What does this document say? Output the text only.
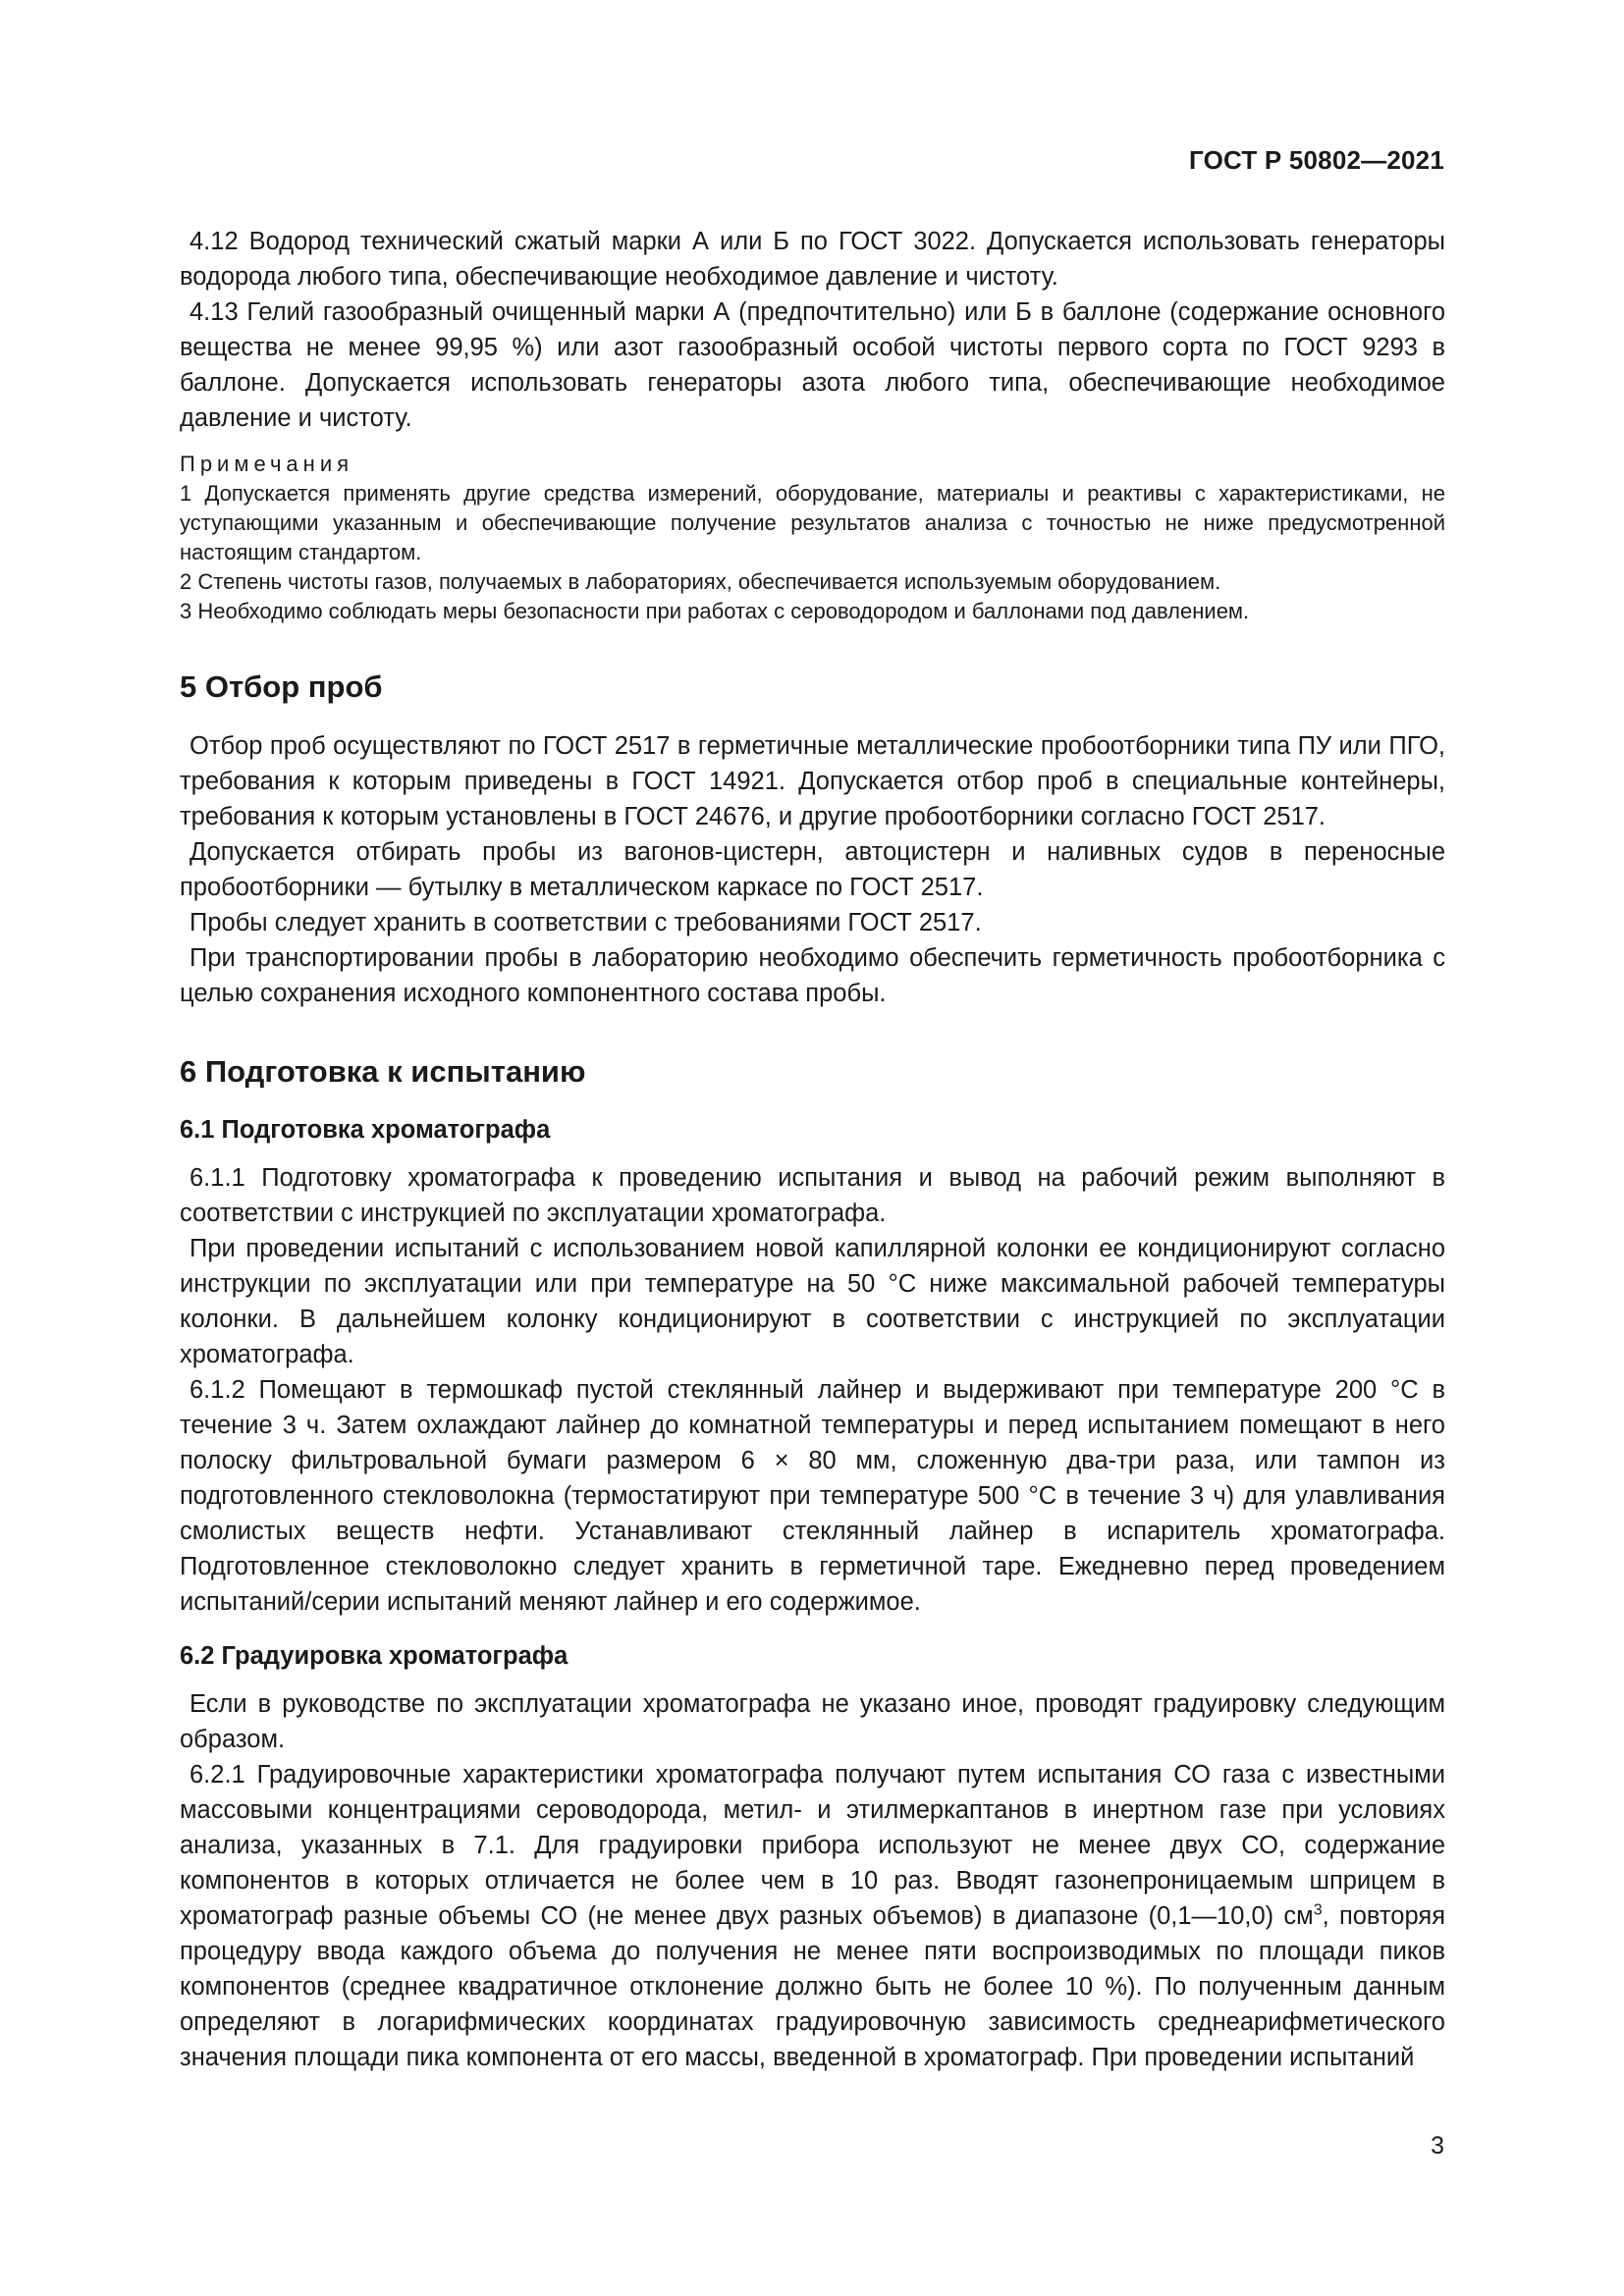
ГОСТ Р 50802—2021

4.12 Водород технический сжатый марки А или Б по ГОСТ 3022. Допускается использовать генераторы водорода любого типа, обеспечивающие необходимое давление и чистоту.

4.13 Гелий газообразный очищенный марки А (предпочтительно) или Б в баллоне (содержание основного вещества не менее 99,95 %) или азот газообразный особой чистоты первого сорта по ГОСТ 9293 в баллоне. Допускается использовать генераторы азота любого типа, обеспечивающие необходимое давление и чистоту.

Примечания
1 Допускается применять другие средства измерений, оборудование, материалы и реактивы с характеристиками, не уступающими указанным и обеспечивающие получение результатов анализа с точностью не ниже предусмотренной настоящим стандартом.
2 Степень чистоты газов, получаемых в лабораториях, обеспечивается используемым оборудованием.
3 Необходимо соблюдать меры безопасности при работах с сероводородом и баллонами под давлением.
5 Отбор проб

Отбор проб осуществляют по ГОСТ 2517 в герметичные металлические пробоотборники типа ПУ или ПГО, требования к которым приведены в ГОСТ 14921. Допускается отбор проб в специальные контейнеры, требования к которым установлены в ГОСТ 24676, и другие пробоотборники согласно ГОСТ 2517.

Допускается отбирать пробы из вагонов-цистерн, автоцистерн и наливных судов в переносные пробоотборники — бутылку в металлическом каркасе по ГОСТ 2517.

Пробы следует хранить в соответствии с требованиями ГОСТ 2517.

При транспортировании пробы в лабораторию необходимо обеспечить герметичность пробоотборника с целью сохранения исходного компонентного состава пробы.

6 Подготовка к испытанию
6.1 Подготовка хроматографа

6.1.1 Подготовку хроматографа к проведению испытания и вывод на рабочий режим выполняют в соответствии с инструкцией по эксплуатации хроматографа.

При проведении испытаний с использованием новой капиллярной колонки ее кондиционируют согласно инструкции по эксплуатации или при температуре на 50 °С ниже максимальной рабочей температуры колонки. В дальнейшем колонку кондиционируют в соответствии с инструкцией по эксплуатации хроматографа.

6.1.2 Помещают в термошкаф пустой стеклянный лайнер и выдерживают при температуре 200 °С в течение 3 ч. Затем охлаждают лайнер до комнатной температуры и перед испытанием помещают в него полоску фильтровальной бумаги размером 6 × 80 мм, сложенную два-три раза, или тампон из подготовленного стекловолокна (термостатируют при температуре 500 °С в течение 3 ч) для улавливания смолистых веществ нефти. Устанавливают стеклянный лайнер в испаритель хроматографа. Подготовленное стекловолокно следует хранить в герметичной таре. Ежедневно перед проведением испытаний/серии испытаний меняют лайнер и его содержимое.

6.2 Градуировка хроматографа

Если в руководстве по эксплуатации хроматографа не указано иное, проводят градуировку следующим образом.

6.2.1 Градуировочные характеристики хроматографа получают путем испытания СО газа с известными массовыми концентрациями сероводорода, метил- и этилмеркаптанов в инертном газе при условиях анализа, указанных в 7.1. Для градуировки прибора используют не менее двух СО, содержание компонентов в которых отличается не более чем в 10 раз. Вводят газонепроницаемым шприцем в хроматограф разные объемы СО (не менее двух разных объемов) в диапазоне (0,1—10,0) $см^3$, повторяя процедуру ввода каждого объема до получения не менее пяти воспроизводимых по площади пиков компонентов (среднее квадратичное отклонение должно быть не более 10 %). По полученным данным определяют в логарифмических координатах градуировочную зависимость среднеарифметического значения площади пика компонента от его массы, введенной в хроматограф. При проведении испытаний

3
